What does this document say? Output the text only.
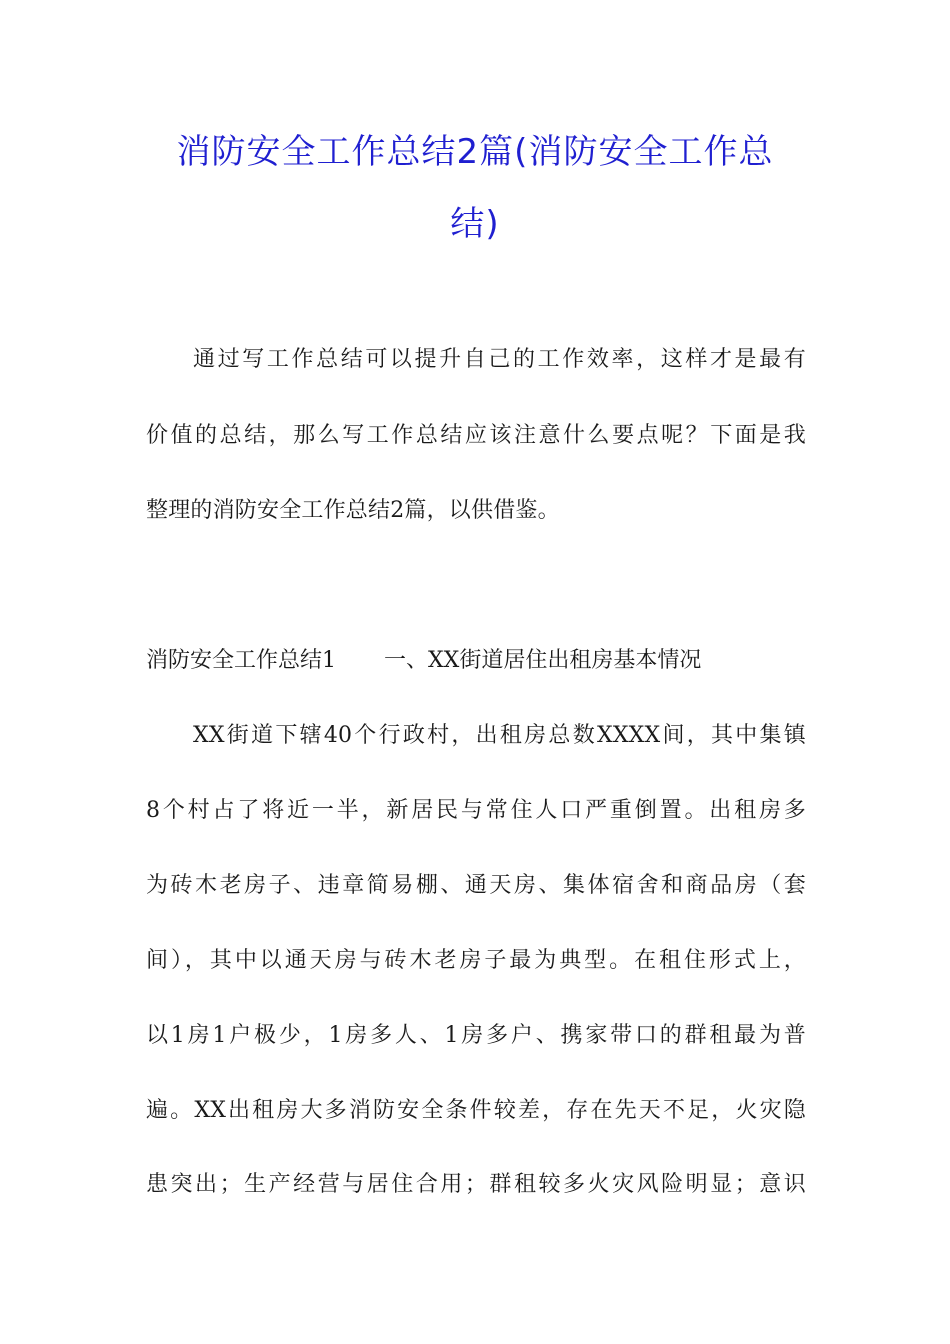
消防安全工作总结2篇(消防安全工作总
结)
通过写工作总结可以提升自己的工作效率，这样才是最有
价值的总结，那么写工作总结应该注意什么要点呢？下面是我
整理的消防安全工作总结2篇，以供借鉴。
消防安全工作总结1 一、XX街道居住出租房基本情况
XX街道下辖40个行政村，出租房总数XXXX间，其中集镇
8个村占了将近一半，新居民与常住人口严重倒置。出租房多
为砖木老房子、违章简易棚、通天房、集体宿舍和商品房（套
间），其中以通天房与砖木老房子最为典型。在租住形式上，
以1房1户极少，1房多人、1房多户、携家带口的群租最为普
遍。XX出租房大多消防安全条件较差，存在先天不足，火灾隐
患突出；生产经营与居住合用；群租较多火灾风险明显；意识
